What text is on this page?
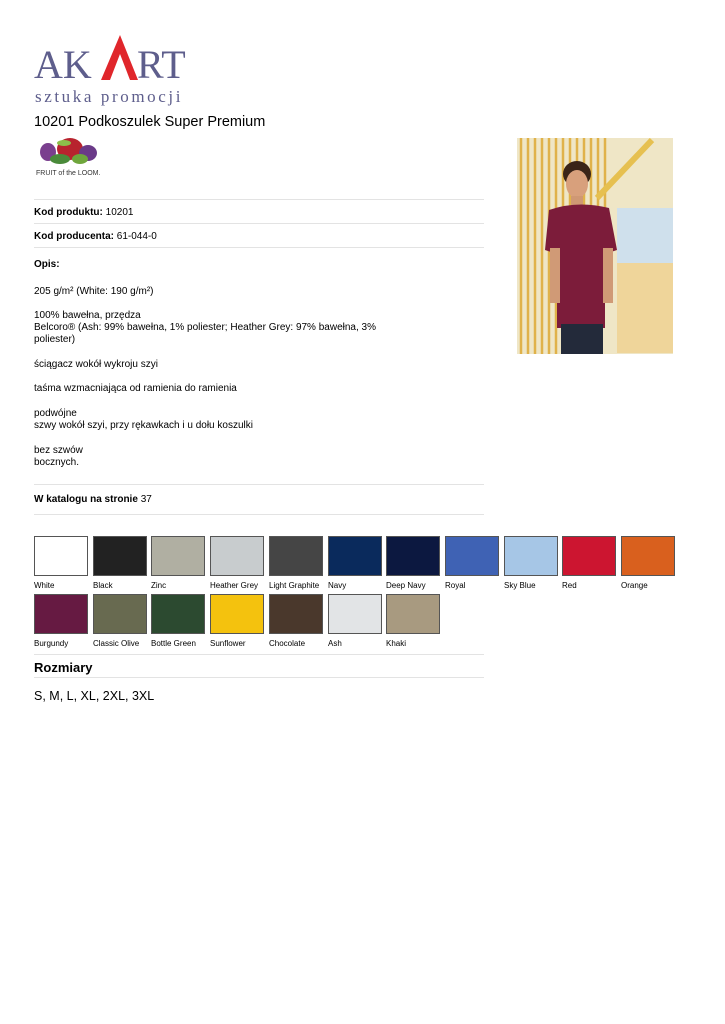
AK RT
sztuka promocji
10201 Podkoszulek Super Premium
FRUIT of the LOOM.
Kod produktu: 10201
Kod producenta: 61-044-0
Opis:
205 g/m² (White: 190 g/m²)
100% bawełna, przędza
Belcoro® (Ash: 99% bawełna, 1% poliester; Heather Grey: 97% bawełna, 3%
poliester)
ściągacz wokół wykroju szyi
taśma wzmacniająca od ramienia do ramienia
podwójne
szwy wokół szyi, przy rękawkach i u dołu koszulki
bez szwów
bocznych.
W katalogu na stronie 37
White	Black	Zinc	Heather Grey	Light Graphite	Navy	Deep Navy	Royal	Sky Blue	Red	Orange
Burgundy	Classic Olive	Bottle Green	Sunflower	Chocolate	Ash	Khaki
Rozmiary
S, M, L, XL, 2XL, 3XL
